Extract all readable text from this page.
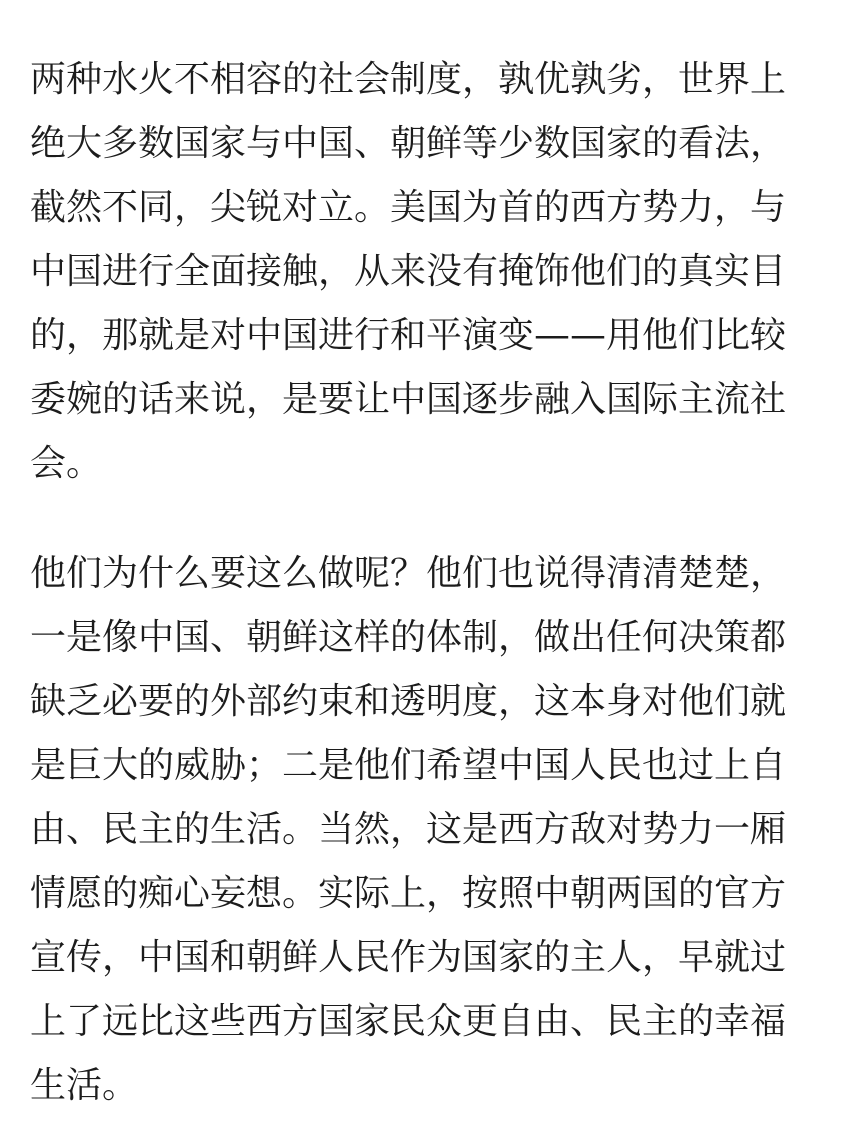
两种水火不相容的社会制度，孰优孰劣，世界上
绝大多数国家与中国、朝鲜等少数国家的看法，
截然不同，尖锐对立。美国为首的西方势力，与
中国进行全面接触，从来没有掩饰他们的真实目
的，那就是对中国进行和平演变——用他们比较
委婉的话来说，是要让中国逐步融入国际主流社
会。

他们为什么要这么做呢？他们也说得清清楚楚，
一是像中国、朝鲜这样的体制，做出任何决策都
缺乏必要的外部约束和透明度，这本身对他们就
是巨大的威胁；二是他们希望中国人民也过上自
由、民主的生活。当然，这是西方敌对势力一厢
情愿的痴心妄想。实际上，按照中朝两国的官方
宣传，中国和朝鲜人民作为国家的主人，早就过
上了远比这些西方国家民众更自由、民主的幸福
生活。
